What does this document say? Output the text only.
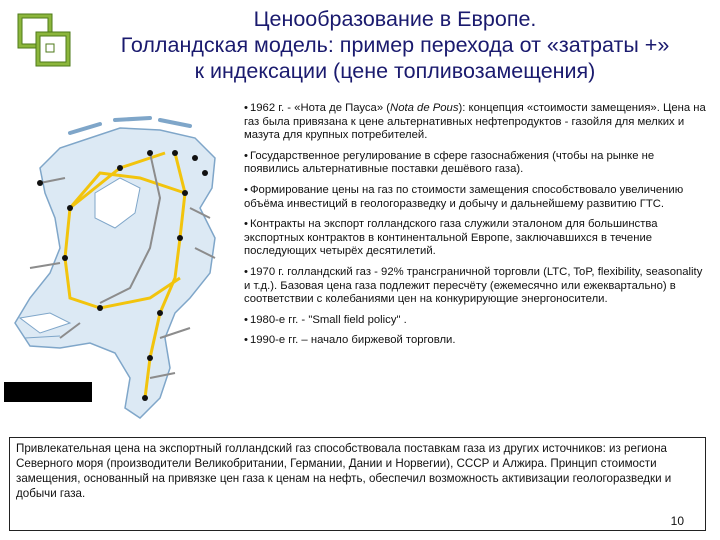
Ценообразование в Европе.
Голландская модель: пример перехода от «затраты +»
к индексации (цене топливозамещения)
• 1962 г. - «Нота де Пауса» (Nota de Pous): концепция «стоимости замещения». Цена на газ была привязана к цене альтернативных нефтепродуктов - газойля для мелких и мазута для крупных потребителей.
• Государственное регулирование в сфере газоснабжения (чтобы на рынке не появились альтернативные поставки дешёвого газа).
• Формирование цены на газ по стоимости замещения способствовало увеличению объёма инвестиций в геологоразведку и добычу и дальнейшему развитию ГТС.
• Контракты на экспорт голландского газа служили эталоном для большинства экспортных контрактов в континентальной Европе, заключавшихся в течение последующих четырёх десятилетий.
• 1970 г. голландский газ - 92% трансграничной торговли (LTC, ToP, flexibility, seasonality и т.д.). Базовая цена газа подлежит пересчёту (ежемесячно или ежеквартально) в соответствии с колебаниями цен на конкурирующие энергоносители.
• 1980-е гг. - "Small field policy" .
• 1990-е гг. – начало биржевой торговли.
Привлекательная цена на экспортный голландский газ способствовала поставкам газа из других источников: из региона Северного моря (производители Великобритании, Германии, Дании и Норвегии), СССР и Алжира. Принцип стоимости замещения, основанный на привязке цен газа к ценам на нефть, обеспечил возможность активизации геологоразведки и добычи газа.
10
